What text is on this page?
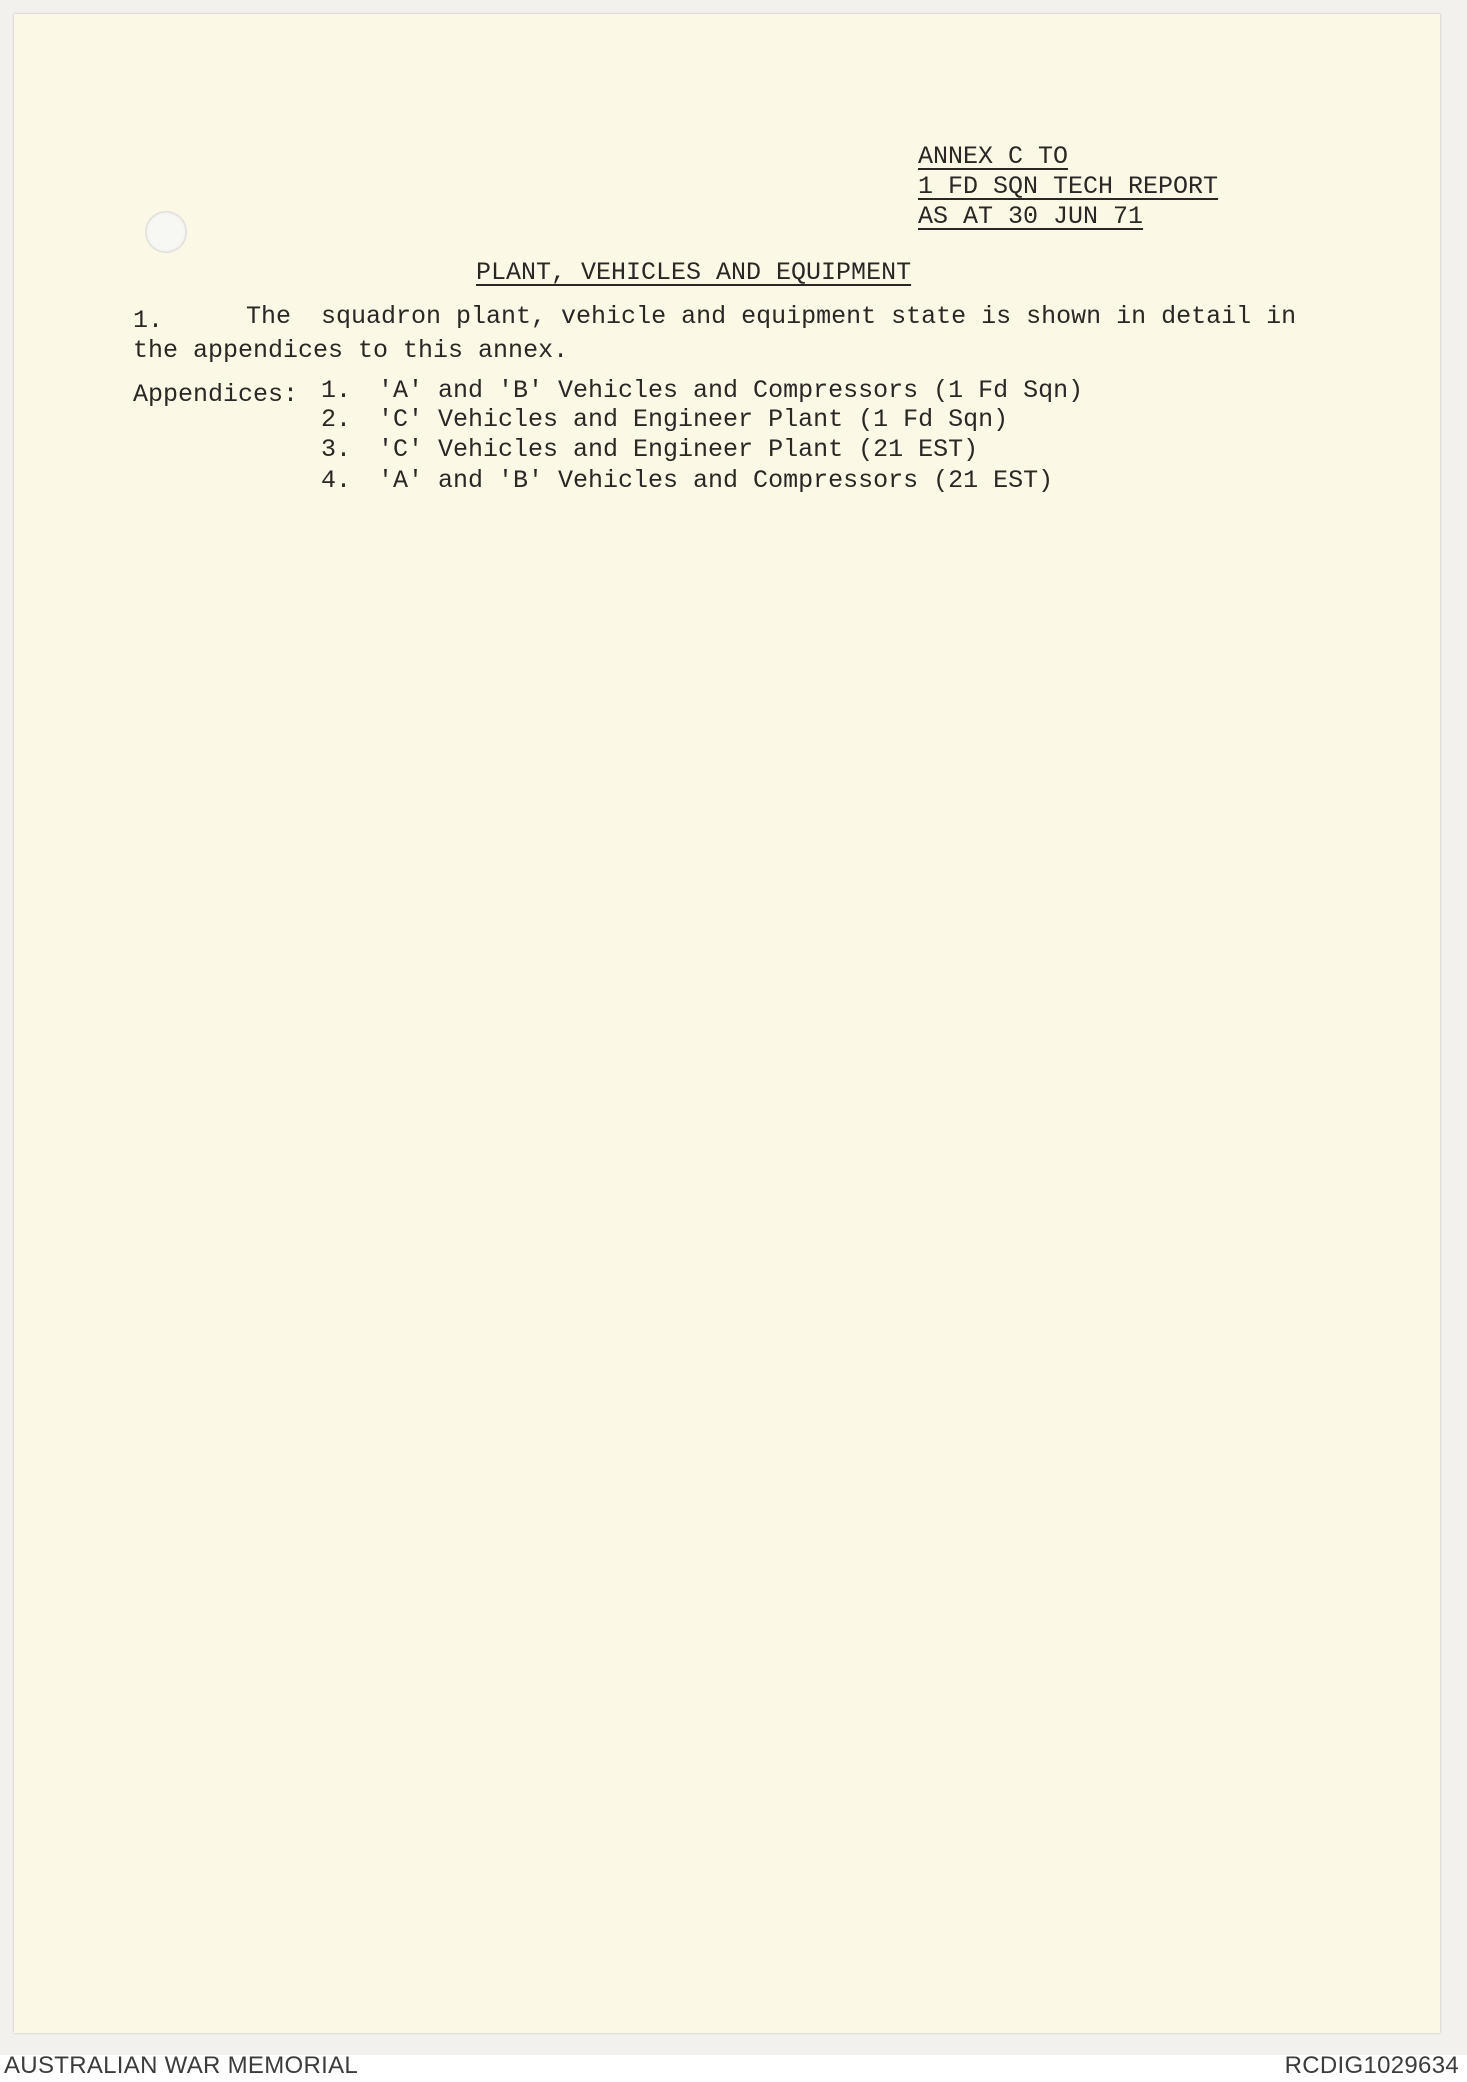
ANNEX C TO
1 FD SQN TECH REPORT
AS AT 30 JUN 71
PLANT, VEHICLES AND EQUIPMENT
1.	The  squadron plant, vehicle and equipment state is shown in detail in
the appendices to this annex.
Appendices: 1. 'A' and 'B' Vehicles and Compressors (1 Fd Sqn)
2. 'C' Vehicles and Engineer Plant (1 Fd Sqn)
3. 'C' Vehicles and Engineer Plant (21 EST)
4. 'A' and 'B' Vehicles and Compressors (21 EST)
AUSTRALIAN WAR MEMORIAL	RCDIG1029634
